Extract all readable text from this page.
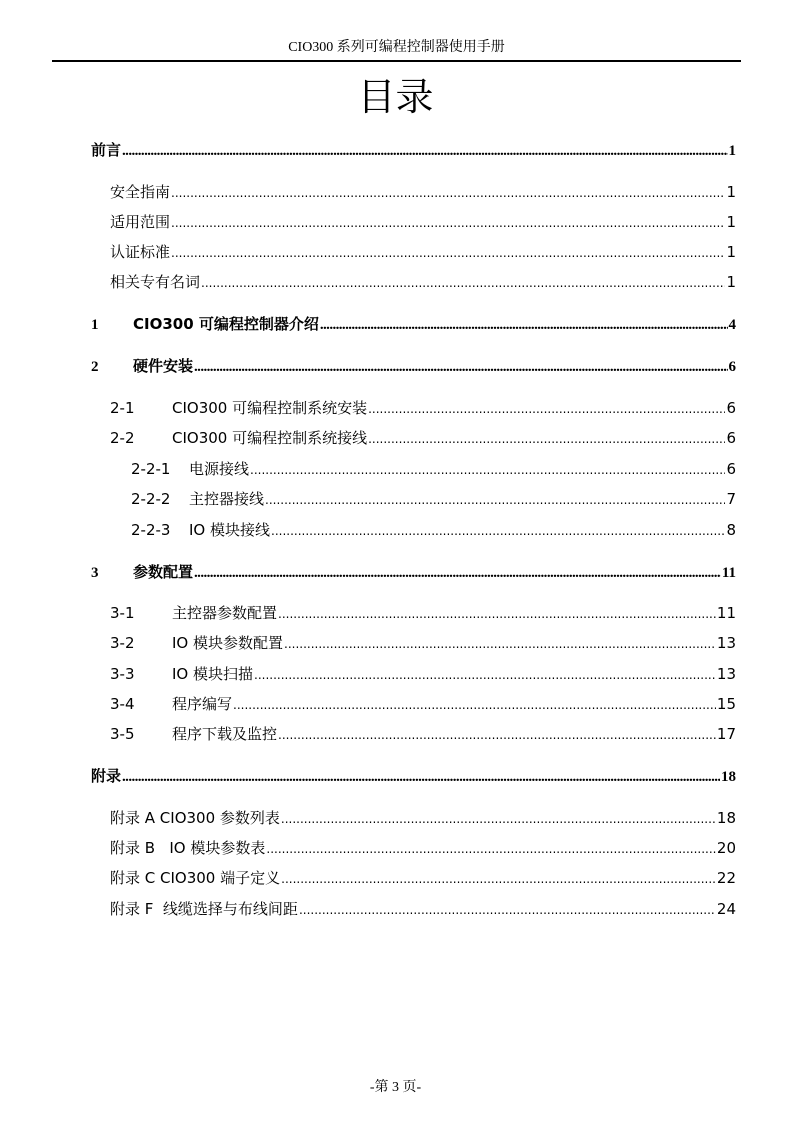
CIO300 系列可编程控制器使用手册
目录
前言 .....	1
安全指南 .....	1
适用范围 .....	1
认证标准 .....	1
相关专有名词 .....	1
1	CIO300 可编程控制器介绍 .....	4
2	硬件安装 .....	6
2-1	CIO300 可编程控制系统安装 .....	6
2-2	CIO300 可编程控制系统接线 .....	6
2-2-1	电源接线 .....	6
2-2-2	主控器接线 .....	7
2-2-3	IO 模块接线 .....	8
3	参数配置 .....	11
3-1	主控器参数配置 .....	11
3-2	IO 模块参数配置 .....	13
3-3	IO 模块扫描 .....	13
3-4	程序编写 .....	15
3-5	程序下载及监控 .....	17
附录 .....	18
附录 A CIO300 参数列表 .....	18
附录 B   IO 模块参数表 .....	20
附录 C CIO300 端子定义 .....	22
附录 F  线缆选择与布线间距 .....	24
-第 3 页-
